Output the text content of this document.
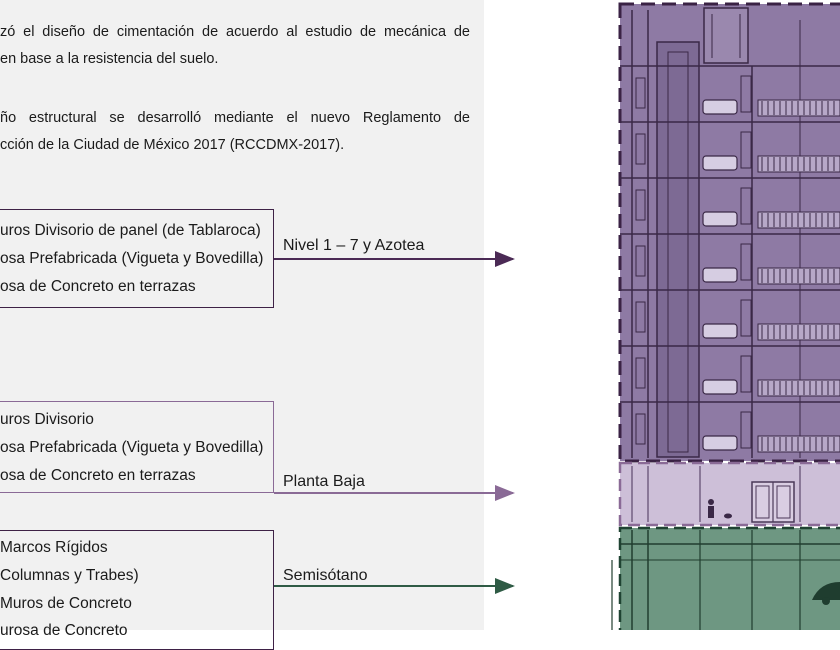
zó el diseño de cimentación de acuerdo al estudio de mecánica de

en base a la resistencia del suelo.

ño estructural se desarrolló mediante el nuevo Reglamento de

cción de la Ciudad de México 2017 (RCCDMX-2017).

uros Divisorio de panel (de Tablaroca)
osa Prefabricada (Vigueta y Bovedilla)
osa de Concreto en terrazas
Nivel 1 – 7 y Azotea
uros Divisorio
osa Prefabricada (Vigueta y Bovedilla)
osa de Concreto en terrazas	Planta Baja
Marcos Rígidos
Columnas y Trabes)
Muros de Concreto
urosa de Concreto
Semisótano
